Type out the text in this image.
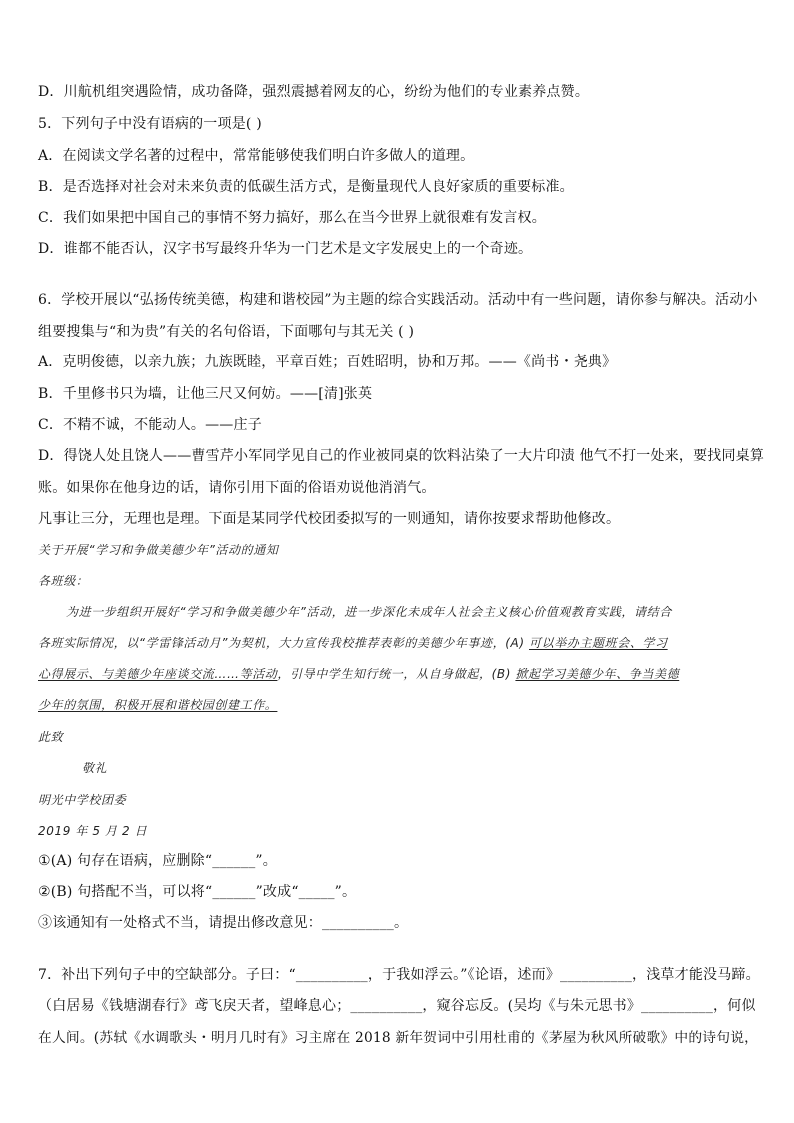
D．川航机组突遇险情，成功备降，强烈震撼着网友的心，纷纷为他们的专业素养点赞。
5．下列句子中没有语病的一项是( )
A．在阅读文学名著的过程中，常常能够使我们明白许多做人的道理。
B．是否选择对社会对未来负责的低碳生活方式，是衡量现代人良好家质的重要标准。
C．我们如果把中国自己的事情不努力搞好，那么在当今世界上就很难有发言权。
D．谁都不能否认，汉字书写最终升华为一门艺术是文字发展史上的一个奇迹。
6．学校开展以“弘扬传统美德，构建和谐校园”为主题的综合实践活动。活动中有一些问题，请你参与解决。活动小
组要搜集与“和为贵”有关的名句俗语，下面哪句与其无关 ( )
A．克明俊德，以亲九族；九族既睦，平章百姓；百姓昭明，协和万邦。——《尚书・尧典》
B．千里修书只为墙，让他三尺又何妨。——[清]张英
C．不精不诚，不能动人。——庄子
D．得饶人处且饶人——曹雪芹小军同学见自己的作业被同桌的饮料沾染了一大片印渍 他气不打一处来，要找同桌算
账。如果你在他身边的话，请你引用下面的俗语劝说他消消气。
凡事让三分，无理也是理。下面是某同学代校团委拟写的一则通知，请你按要求帮助他修改。
关于开展“学习和争做美德少年”活动的通知
各班级：
为进一步组织开展好“学习和争做美德少年”活动，进一步深化未成年人社会主义核心价值观教育实践，请结合
各班实际情况，以“学雷锋活动月”为契机，大力宣传我校推荐表彰的美德少年事迹，(A) 可以举办主题班会、学习
心得展示、与美德少年座谈交流……等活动，引导中学生知行统一，从自身做起，(B) 掀起学习美德少年、争当美德
少年的氛围，积极开展和谐校园创建工作。
此致
敬礼
明光中学校团委
2019 年 5 月 2 日
①(A) 句存在语病，应删除“______”。
②(B) 句搭配不当，可以将“______”改成“_____”。
③该通知有一处格式不当，请提出修改意见：__________。
7．补出下列句子中的空缺部分。子曰：“__________，于我如浮云。”《论语，述而》__________，浅草才能没马蹄。
（白居易《钱塘湖春行》鸢飞戾天者，望峰息心；__________，窥谷忘反。(吴均《与朱元思书》__________，何似
在人间。(苏轼《水调歌头・明月几时有》习主席在 2018 新年贺词中引用杜甫的《茅屋为秋风所破歌》中的诗句说，
